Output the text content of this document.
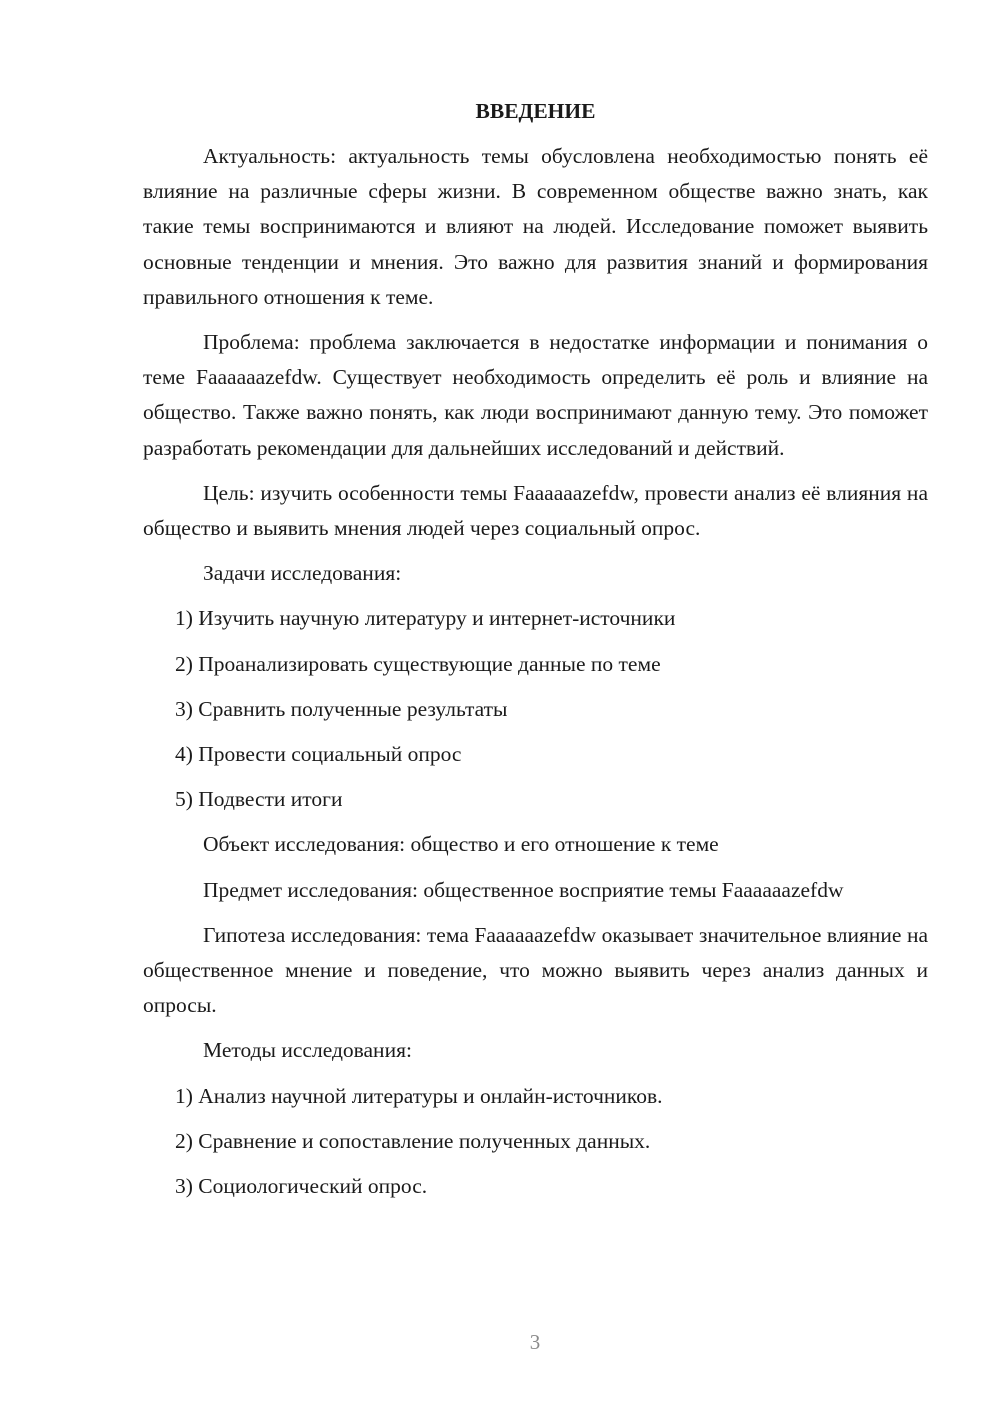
ВВЕДЕНИЕ
Актуальность: актуальность темы обусловлена необходимостью понять её влияние на различные сферы жизни. В современном обществе важно знать, как такие темы воспринимаются и влияют на людей. Исследование поможет выявить основные тенденции и мнения. Это важно для развития знаний и формирования правильного отношения к теме.
Проблема: проблема заключается в недостатке информации и понимания о теме Faaaaaazefdw. Существует необходимость определить её роль и влияние на общество. Также важно понять, как люди воспринимают данную тему. Это поможет разработать рекомендации для дальнейших исследований и действий.
Цель: изучить особенности темы Faaaaaazefdw, провести анализ её влияния на общество и выявить мнения людей через социальный опрос.
Задачи исследования:
1) Изучить научную литературу и интернет-источники
2) Проанализировать существующие данные по теме
3) Сравнить полученные результаты
4) Провести социальный опрос
5) Подвести итоги
Объект исследования: общество и его отношение к теме
Предмет исследования: общественное восприятие темы Faaaaaazefdw
Гипотеза исследования: тема Faaaaaazefdw оказывает значительное влияние на общественное мнение и поведение, что можно выявить через анализ данных и опросы.
Методы исследования:
1) Анализ научной литературы и онлайн-источников.
2) Сравнение и сопоставление полученных данных.
3) Социологический опрос.
3
